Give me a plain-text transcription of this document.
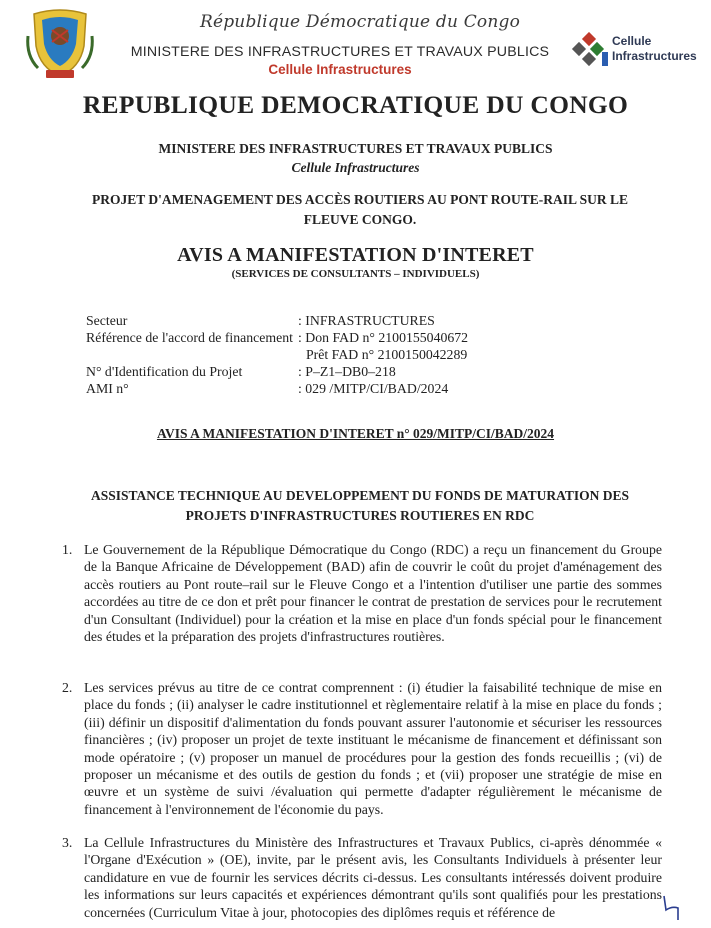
République Démocratique du Congo
MINISTERE DES INFRASTRUCTURES ET TRAVAUX PUBLICS
Cellule Infrastructures
Cellule
Infrastructures
REPUBLIQUE DEMOCRATIQUE DU CONGO
MINISTERE DES INFRASTRUCTURES ET TRAVAUX PUBLICS
Cellule Infrastructures
PROJET D'AMENAGEMENT DES ACCÈS ROUTIERS AU PONT ROUTE-RAIL SUR LE FLEUVE CONGO.
AVIS A MANIFESTATION D'INTERET
(SERVICES DE CONSULTANTS – INDIVIDUELS)
Secteur	: INFRASTRUCTURES
Référence de l'accord de financement : Don FAD n° 2100155040672
Prêt FAD n° 2100150042289
N° d'Identification du Projet	: P–Z1–DB0–218
AMI n°	: 029 /MITP/CI/BAD/2024
AVIS A MANIFESTATION D'INTERET n° 029/MITP/CI/BAD/2024
ASSISTANCE TECHNIQUE AU DEVELOPPEMENT DU FONDS DE MATURATION DES PROJETS D'INFRASTRUCTURES ROUTIERES EN RDC
1. Le Gouvernement de la République Démocratique du Congo (RDC) a reçu un financement du Groupe de la Banque Africaine de Développement (BAD) afin de couvrir le coût du projet d'aménagement des accès routiers au Pont route–rail sur le Fleuve Congo et a l'intention d'utiliser une partie des sommes accordées au titre de ce don et prêt pour financer le contrat de prestation de services pour le recrutement d'un Consultant (Individuel) pour la création et la mise en place d'un fonds spécial pour le financement des études et la préparation des projets d'infrastructures routières.
2. Les services prévus au titre de ce contrat comprennent : (i) étudier la faisabilité technique de mise en place du fonds ; (ii) analyser le cadre institutionnel et règlementaire relatif à la mise en place du fonds ; (iii) définir un dispositif d'alimentation du fonds pouvant assurer l'autonomie et sécuriser les ressources financières ; (iv) proposer un projet de texte instituant le mécanisme de financement et définissant son mode opératoire ; (v) proposer un manuel de procédures pour la gestion des fonds recueillis ; (vi) de proposer un mécanisme et des outils de gestion du fonds ; et (vii) proposer une stratégie de mise en œuvre et un système de suivi /évaluation qui permette d'adapter régulièrement le mécanisme de financement à l'environnement de l'économie du pays.
3. La Cellule Infrastructures du Ministère des Infrastructures et Travaux Publics, ci-après dénommée « l'Organe d'Exécution » (OE), invite, par le présent avis, les Consultants Individuels à présenter leur candidature en vue de fournir les services décrits ci-dessus. Les consultants intéressés doivent produire les informations sur leurs capacités et expériences démontrant qu'ils sont qualifiés pour les prestations concernées (Curriculum Vitae à jour, photocopies des diplômes requis et référence de
